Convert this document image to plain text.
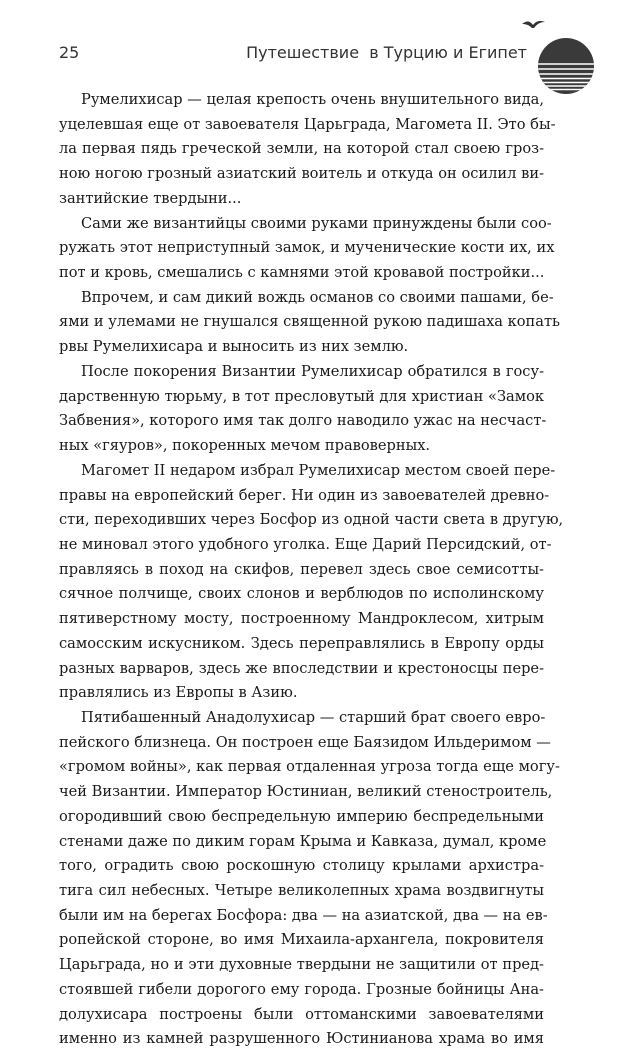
25	Путешествие  в Турцию и Египет
Румелихисар — целая крепость очень внушительного вида,
уцелевшая еще от завоевателя Царьграда, Магомета II. Это бы-
ла первая пядь греческой земли, на которой стал своею гроз-
ною ногою грозный азиатский воитель и откуда он осилил ви-
зантийские твердыни...
Сами же византийцы своими руками принуждены были соо-
ружать этот неприступный замок, и мученические кости их, их
пот и кровь, смешались с камнями этой кровавой постройки...
Впрочем, и сам дикий вождь османов со своими пашами, бе-
ями и улемами не гнушался священной рукою падишаха копать
рвы Румелихисара и выносить из них землю.
После покорения Византии Румелихисар обратился в госу-
дарственную тюрьму, в тот пресловутый для христиан «Замок
Забвения», которого имя так долго наводило ужас на несчаст-
ных «гяуров», покоренных мечом правоверных.
Магомет II недаром избрал Румелихисар местом своей пере-
правы на европейский берег. Ни один из завоевателей древно-
сти, переходивших через Босфор из одной части света в другую,
не миновал этого удобного уголка. Еще Дарий Персидский, от-
правляясь в поход на скифов, перевел здесь свое семисотты-
сячное полчище, своих слонов и верблюдов по исполинскому
пятиверстному мосту, построенному Мандроклесом, хитрым
самосским искусником. Здесь переправлялись в Европу орды
разных варваров, здесь же впоследствии и крестоносцы пере-
правлялись из Европы в Азию.
Пятибашенный Анадолухисар — старший брат своего евро-
пейского близнеца. Он построен еще Баязидом Ильдеримом —
«громом войны», как первая отдаленная угроза тогда еще могу-
чей Византии. Император Юстиниан, великий стеностроитель,
огородивший свою беспредельную империю беспредельными
стенами даже по диким горам Крыма и Кавказа, думал, кроме
того, оградить свою роскошную столицу крылами архистра-
тига сил небесных. Четыре великолепных храма воздвигнуты
были им на берегах Босфора: два — на азиатской, два — на ев-
ропейской стороне, во имя Михаила-архангела, покровителя
Царьграда, но и эти духовные твердыни не защитили от пред-
стоявшей гибели дорогого ему города. Грозные бойницы Ана-
долухисара построены были оттоманскими завоевателями
именно из камней разрушенного Юстинианова храма во имя
